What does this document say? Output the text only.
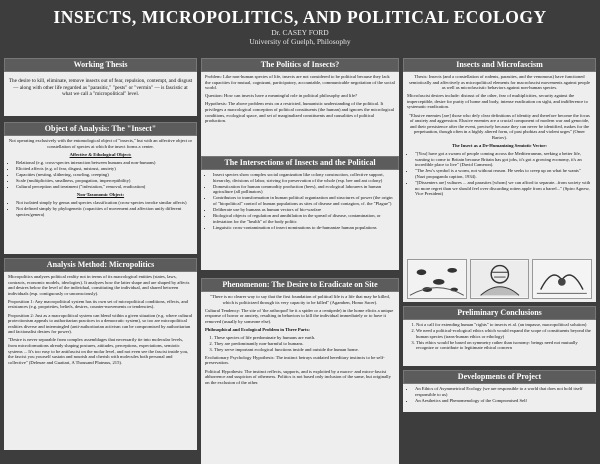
INSECTS, MICROPOLITICS, AND POLITICAL ECOLOGY
Dr. CASEY FORD
University of Guelph, Philosophy
Working Thesis

The desire to kill, eliminate, remove insects out of fear, repulsion, contempt, and disgust — along with other life regarded as "parasitic," "pests" or "vermin" — is fascistic at what we call a "micropolitical" level.

Object of Analysis: The "Insect"

Not operating exclusively with the entomological object of "insects," but with an affective object or constellation of species at which the insect forms a center.

Affective & Ethological Object:

• Relational (e.g. cross-species interaction between humans and non-humans)
• Elicited affects (e.g. of fear, disgust, mistrust, anxiety)
• Capacities (nesting, slithering, crawling, creeping)
• Scale (multiplicities, smallness, propagation, imperceptibility)
• Cultural perception and treatment ("infestation," removal, eradication)

Non-Taxonomic Object:

• Not isolated simply by genus and species classification (cross-species invoke similar affects)
• Not defined simply by phylogenetic (capacities of movement and affection unify different species/genera)
Analysis Method: Micropolitics

Micropolitics analyzes political reality not in terms of its macrological entities (states, laws, contracts, economic models, ideologies). It analyzes how the latter shape and are shaped by affects and desires below the level of the individual, constituting the individual, and shared between individuals (esp. contiguously or unconsciously).

Proposition 1: Any macropolitical system has its own set of micropolitical conditions, effects, and resistances (e.g. proprieties, beliefs, desires, counter-movements or tendencies).

Proposition 2: Just as a macropolitical system can blend within a given situation (e.g. where cultural protectionism appeals to authoritarian practices in a democratic system), so too are micropolitical realities diverse and intermingled (anti-authoritarian activism can be compromised by authoritarian and factionalist desires for power).

"Desire is never separable from complex assemblages that necessarily tie into molecular levels, from microformations already shaping postures, attitudes, perceptions, expectations, semiotic systems ... It's too easy to be antifascist on the molar level, and not even see the fascist inside you, the fascist you yourself sustain and nourish and cherish with molecules both personal and collective" (Deleuze and Guattari, A Thousand Plateaus, 215).

The Politics of Insects?

Problem: Like non-human species of life, insects are not considered to be political because they lack the capacities for mutual, cognizant, participatory, accountable, communicable negotiation of the social world.

Question: How can insects have a meaningful role in political philosophy and life?

Hypothesis: The above problem rests on a restricted, humanistic understanding of the political. It privileges a macrological conception of political constituents (the human) and ignores the micrological conditions, ecological space, and set of marginalized constituents and causalities of political production.

The Intersections of Insects and the Political
• Insect species show complex social organization like colony construction, collective support, hierarchy, divisions of labor, striving for preservation of the whole (esp. bee and ant colony)
• Domestication for human commodity production (bees), and ecological labourers in human agriculture (all pollinators)
• Contributors to transformation in human political organization and structures of power (the origin of "biopolitical" control of human populations as sites of disease and contagion, cf. the "Plague")
• Deliberate use by humans as human vectors of bio-warfare
• Biological objects of regulation and annihilation in the spread of disease, contamination, or infestation for the "health" of the body politic
• Linguistic cross-contamination of insect nominations to de-humanize human populations
Phenomenon: The Desire to Eradicate on Site

"There is no clearer way to say that the first foundation of political life is a life that may be killed, which is politicized through its very capacity to be killed" (Agamben, Homo Sacer).

Cultural Tendency: The site of 'the arthropod' be it a spider or a centipede) in the home elicits a unique response of horror or anxiety, resulting in behaviors to kill the individual immediately or to have it removed (usually by someone else).

Philosophical and Ecological Problem in Three Parts:

1. These species of life predominate by humans are earth.
2. They are predominantly non-harmful to humans.
3. They serve important ecological functions inside and outside the human home.

Evolutionary Psychology Hypothesis: The instinct betrays outdated hereditary instincts to be self-preservation.

Political Hypothesis: The instinct reflects, supports, and is exploited by a macro- and micro-fascist abhorrence and suspicion of otherness. Politics is not based only inclusion of the same, but originally on the exclusion of the other.

Insects and Microfascism

Thesis: Insects (and a constellation of rodents, parasites, and the venomous) have functioned semiotically and affectively as micropolitical elements for macrofascist movements against people as well as microfascistic behaviors against non-human species.

Microfascist desires include: distrust of the other, fear of multiplicities, security against the imperceptible, desire for purity of home and body, intense eradication on sight, and indifference to systematic eradication.

"Elusive enemies [are] those who defy clear definitions of identity and therefore become the focus of anxiety and aggression. Elusive enemies are a crucial component of modern war and genocide, and their persistence after the event, precisely because they can never be identified, makes for the perpetuation, though often in a highly altered form, of past phobias and violent urges" (Omer Bartov).

The Insect as a De-Humanizing Semiotic Vector:

• "[You] have got a swarm of people coming across the Mediterranean, seeking a better life, wanting to come to Britain because Britain has got jobs, it's got a growing economy, it's an incredible place to live" (David Cameron).
• "The Jew's symbol is a worm, not without reason. He seeks to creep up on what he wants" (Nazi propaganda caption, 1934).
• "[Dissenters are] vultures ... and parasites [whom] we can afford to separate...from society with no more regret than we should feel over discarding rotten apple from a barrel..." (Spiro Agnew, Vice President)
Preliminary Conclusions
1. Not a call for extending human "rights" to insects et al. (an impasse, macropolitical solution)
2. We need a political-ecological ethics which would expand the scope of constituents beyond the human species (trans-human ethics or ethology)
3. This ethics would be based on symmetry rather than isonomy: beings need not mutually recognize or contribute to legitimate ethical concern
Developments of Project
• An Ethics of Asymmetrical Ecology (we are responsible to a world that does not hold itself responsible to us)
• An Aesthetics and Phenomenology of the Compromised Self
